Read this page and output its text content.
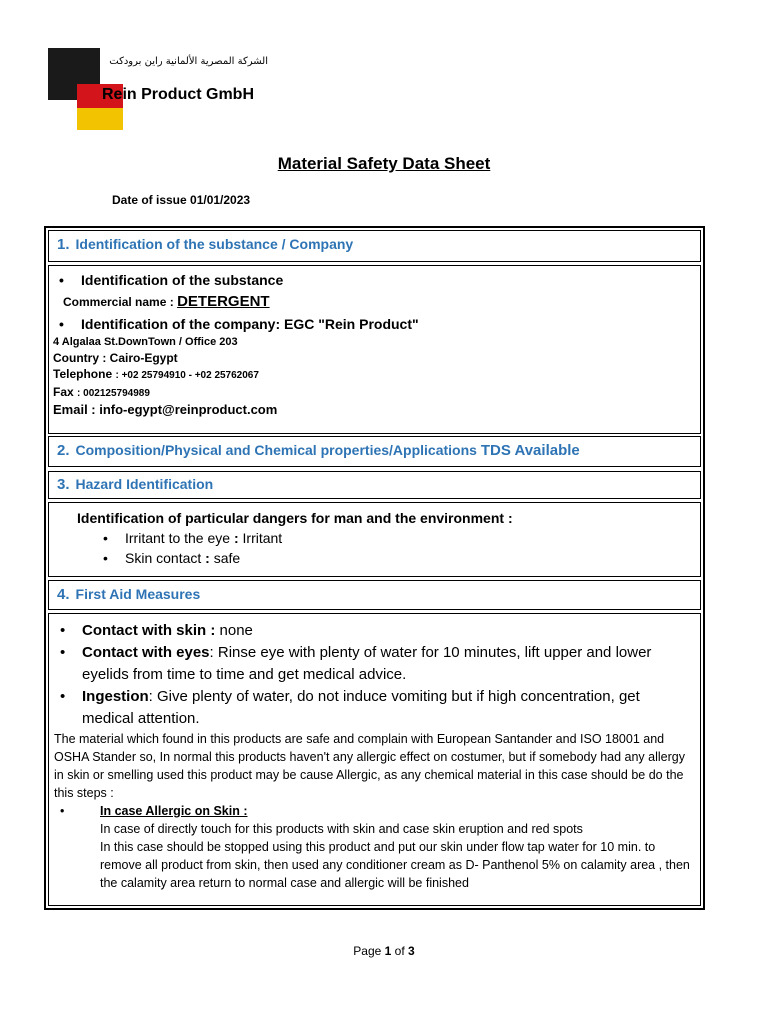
الشركة المصرية الألمانية راين برودكت
Rein Product GmbH
Material Safety Data Sheet
Date of issue 01/01/2023
1. Identification of the substance / Company
• Identification of the substance
Commercial name : DETERGENT
• Identification of the company: EGC "Rein Product"
4 Algalaa St.DownTown / Office 203
Country : Cairo-Egypt
Telephone : +02 25794910 - +02 25762067
Fax : 002125794989
Email : info-egypt@reinproduct.com
2. Composition/Physical and Chemical properties/Applications TDS Available
3. Hazard Identification
Identification of particular dangers for man and the environment :
• Irritant to the eye : Irritant
• Skin contact : safe
4. First Aid Measures
• Contact with skin : none
• Contact with eyes: Rinse eye with plenty of water for 10 minutes, lift upper and lower eyelids from time to time and get medical advice.
• Ingestion: Give plenty of water, do not induce vomiting but if high concentration, get medical attention.
The material which found in this products are safe and complain with European Santander and ISO 18001 and OSHA Stander so, In normal this products haven't any allergic effect on costumer, but if somebody had any allergy in skin or smelling used this product may be cause Allergic, as any chemical material in this case should be do the this steps :
• In case Allergic on Skin :
In case of directly touch for this products with skin and case skin eruption and red spots
In this case should be stopped using this product and put our skin under flow tap water for 10 min. to remove all product from skin, then used any conditioner cream as D- Panthenol 5% on calamity area , then the calamity area return to normal case and allergic will be finished
Page 1 of 3
